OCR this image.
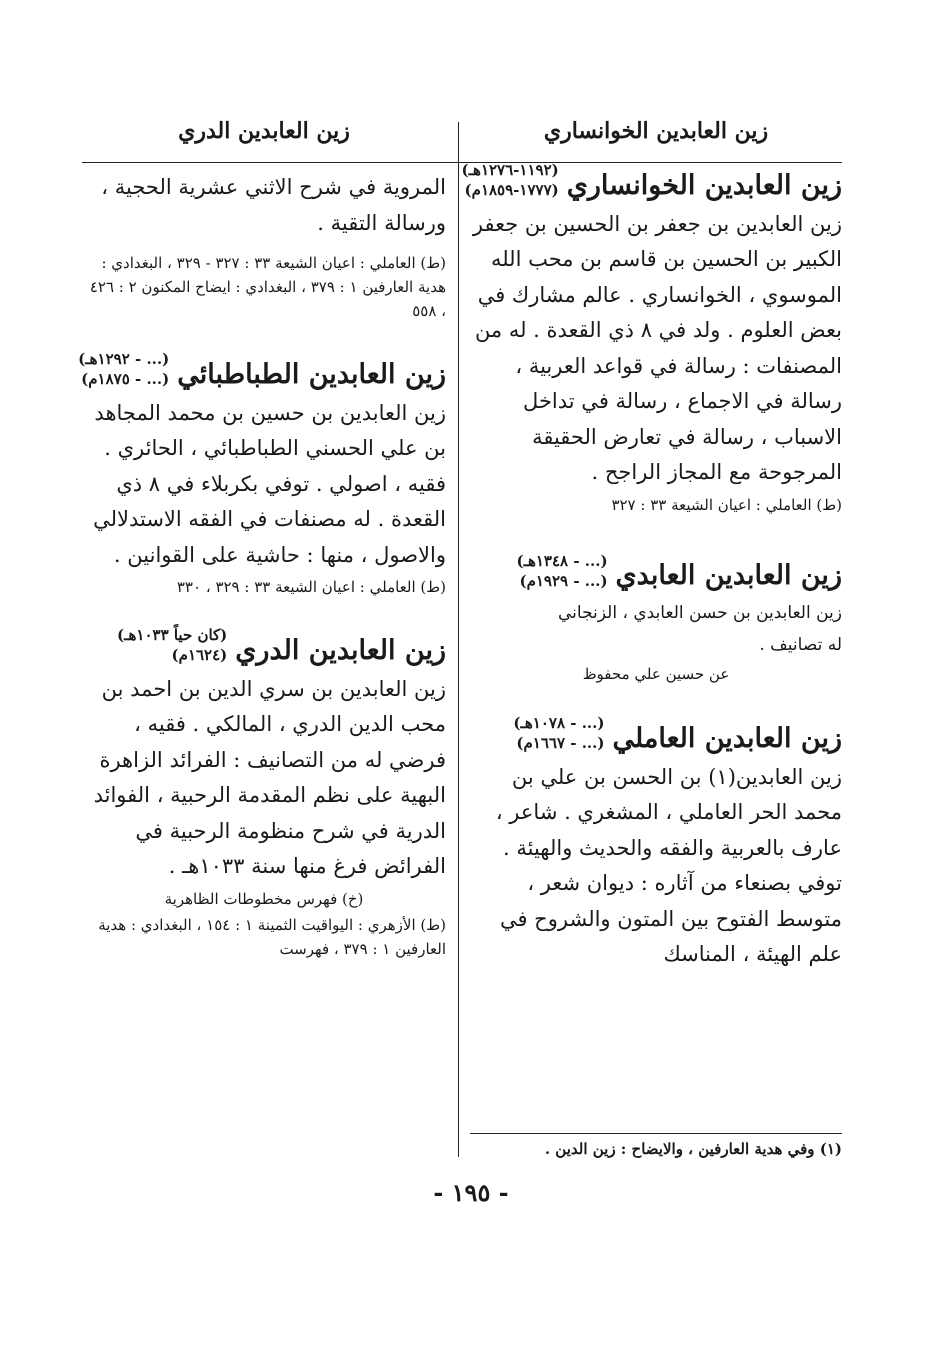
زين العابدين الخوانساري
زين العابدين الدري
زين العابدين الخوانساري
(١١٩٢-١٢٧٦هـ)
(١٧٧٧-١٨٥٩م)

زين العابدين بن جعفر بن الحسين بن جعفر الكبير بن الحسين بن قاسم بن محب الله الموسوي ، الخوانساري . عالم مشارك في بعض العلوم . ولد في ٨ ذي القعدة . له من المصنفات : رسالة في قواعد العربية ، رسالة في الاجماع ، رسالة في تداخل الاسباب ، رسالة في تعارض الحقيقة المرجوحة مع المجاز الراجح .

(ط) العاملي : اعيان الشيعة ٣٣ : ٣٢٧

زين العابدين العابدي
(... - ١٣٤٨هـ)
(... - ١٩٢٩م)

زين العابدين بن حسن العابدي ، الزنجاني

له تصانيف .

عن حسين علي محفوظ

زين العابدين العاملي
(... - ١٠٧٨هـ)
(... - ١٦٦٧م)

زين العابدين(١) بن الحسن بن علي بن محمد الحر العاملي ، المشغري . شاعر ، عارف بالعربية والفقه والحديث والهيئة . توفي بصنعاء من آثاره : ديوان شعر ، متوسط الفتوح بين المتون والشروح في علم الهيئة ، المناسك

(١) وفي هدية العارفين ، والايضاح : زين الدين .

المروية في شرح الاثني عشرية الحجية ، ورسالة التقية .

(ط) العاملي : اعيان الشيعة ٣٣ : ٣٢٧ - ٣٢٩ ، البغدادي : هدية العارفين ١ : ٣٧٩ ، البغدادي : ايضاح المكنون ٢ : ٤٢٦ ، ٥٥٨

زين العابدين الطباطبائي
(... - ١٢٩٢هـ)
(... - ١٨٧٥م)

زين العابدين بن حسين بن محمد المجاهد بن علي الحسني الطباطبائي ، الحائري . فقيه ، اصولي . توفي بكربلاء في ٨ ذي القعدة . له مصنفات في الفقه الاستدلالي والاصول ، منها : حاشية على القوانين .

(ط) العاملي : اعيان الشيعة ٣٣ : ٣٢٩ ، ٣٣٠

زين العابدين الدري
(كان حياً ١٠٣٣هـ)
(١٦٢٤م)

زين العابدين بن سري الدين بن احمد بن محب الدين الدري ، المالكي . فقيه ، فرضي له من التصانيف : الفرائد الزاهرة البهية على نظم المقدمة الرحبية ، الفوائد الدرية في شرح منظومة الرحبية في الفرائض فرغ منها سنة ١٠٣٣هـ .

(خ) فهرس مخطوطات الظاهرية

(ط) الأزهري : اليواقيت الثمينة ١ : ١٥٤ ، البغدادي : هدية العارفين ١ : ٣٧٩ ، فهرست

- ١٩٥ -
